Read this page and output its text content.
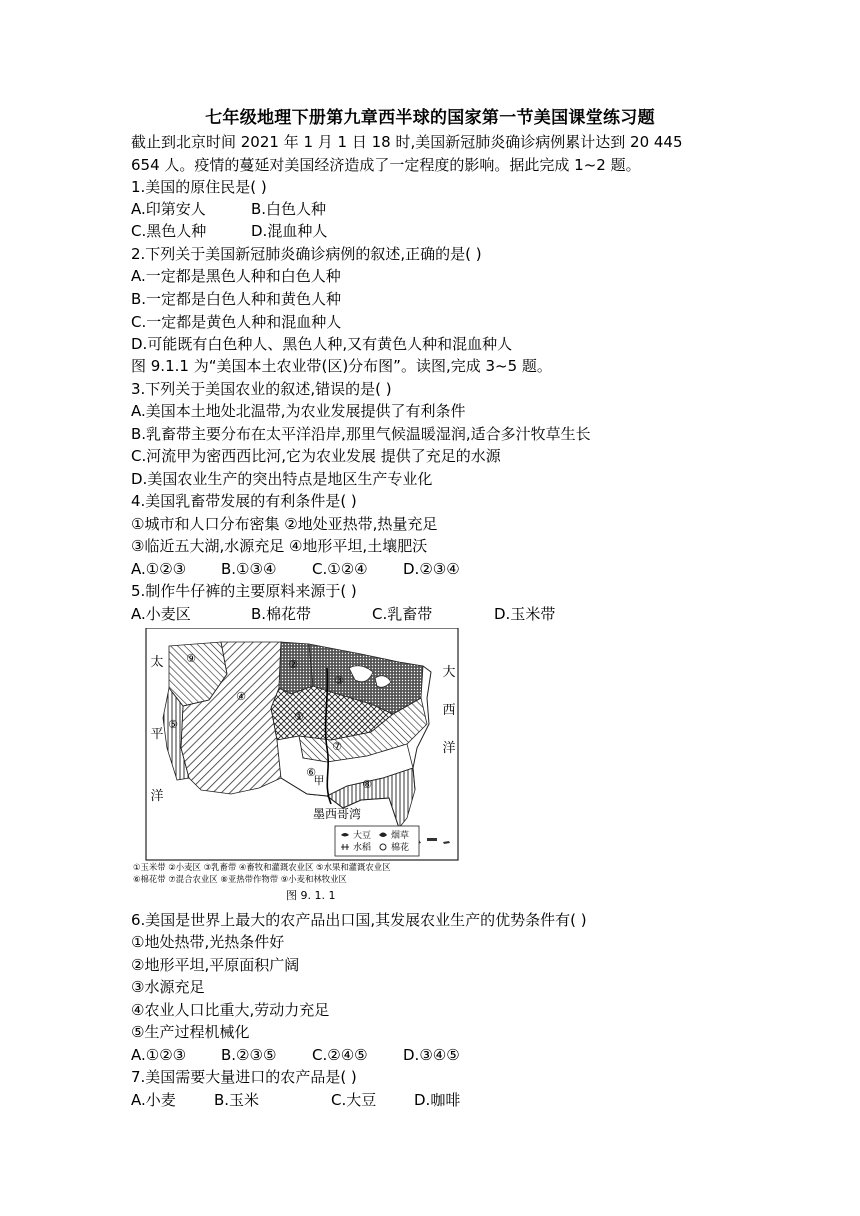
七年级地理下册第九章西半球的国家第一节美国课堂练习题
截止到北京时间 2021 年 1 月 1 日 18 时,美国新冠肺炎确诊病例累计达到 20 445
654 人。疫情的蔓延对美国经济造成了一定程度的影响。据此完成 1~2 题。
1.美国的原住民是( )
A.印第安人	B.白色人种
C.黑色人种	D.混血种人
2.下列关于美国新冠肺炎确诊病例的叙述,正确的是( )
A.一定都是黑色人种和白色人种
B.一定都是白色人种和黄色人种
C.一定都是黄色人种和混血种人
D.可能既有白色种人、黑色人种,又有黄色人种和混血种人
图 9.1.1 为“美国本土农业带(区)分布图”。读图,完成 3~5 题。
3.下列关于美国农业的叙述,错误的是( )
A.美国本土地处北温带,为农业发展提供了有利条件
B.乳畜带主要分布在太平洋沿岸,那里气候温暖湿润,适合多汁牧草生长
C.河流甲为密西西比河,它为农业发展 提供了充足的水源
D.美国农业生产的突出特点是地区生产专业化
4.美国乳畜带发展的有利条件是( )
①城市和人口分布密集 ②地处亚热带,热量充足
③临近五大湖,水源充足 ④地形平坦,土壤肥沃
A.①②③ B.①③④ C.①②④ D.②③④
5.制作牛仔裤的主要原料来源于( )
A.小麦区	B.棉花带	C.乳畜带	D.玉米带
⑨
④
⑤
②
①
③
⑦
⑥
⑧
太
平
洋
大
西
洋
墨西哥湾
甲
大豆 烟草
水稻 棉花
①玉米带 ②小麦区 ③乳畜带 ④畜牧和灌溉农业区 ⑤水果和灌溉农业区
⑥棉花带 ⑦混合农业区 ⑧亚热带作物带 ⑨小麦和林牧业区
图 9. 1. 1
6.美国是世界上最大的农产品出口国,其发展农业生产的优势条件有( )
①地处热带,光热条件好
②地形平坦,平原面积广阔
③水源充足
④农业人口比重大,劳动力充足
⑤生产过程机械化
A.①②③ B.②③⑤ C.②④⑤ D.③④⑤
7.美国需要大量进口的农产品是( )
A.小麦	B.玉米	C.大豆	D.咖啡
